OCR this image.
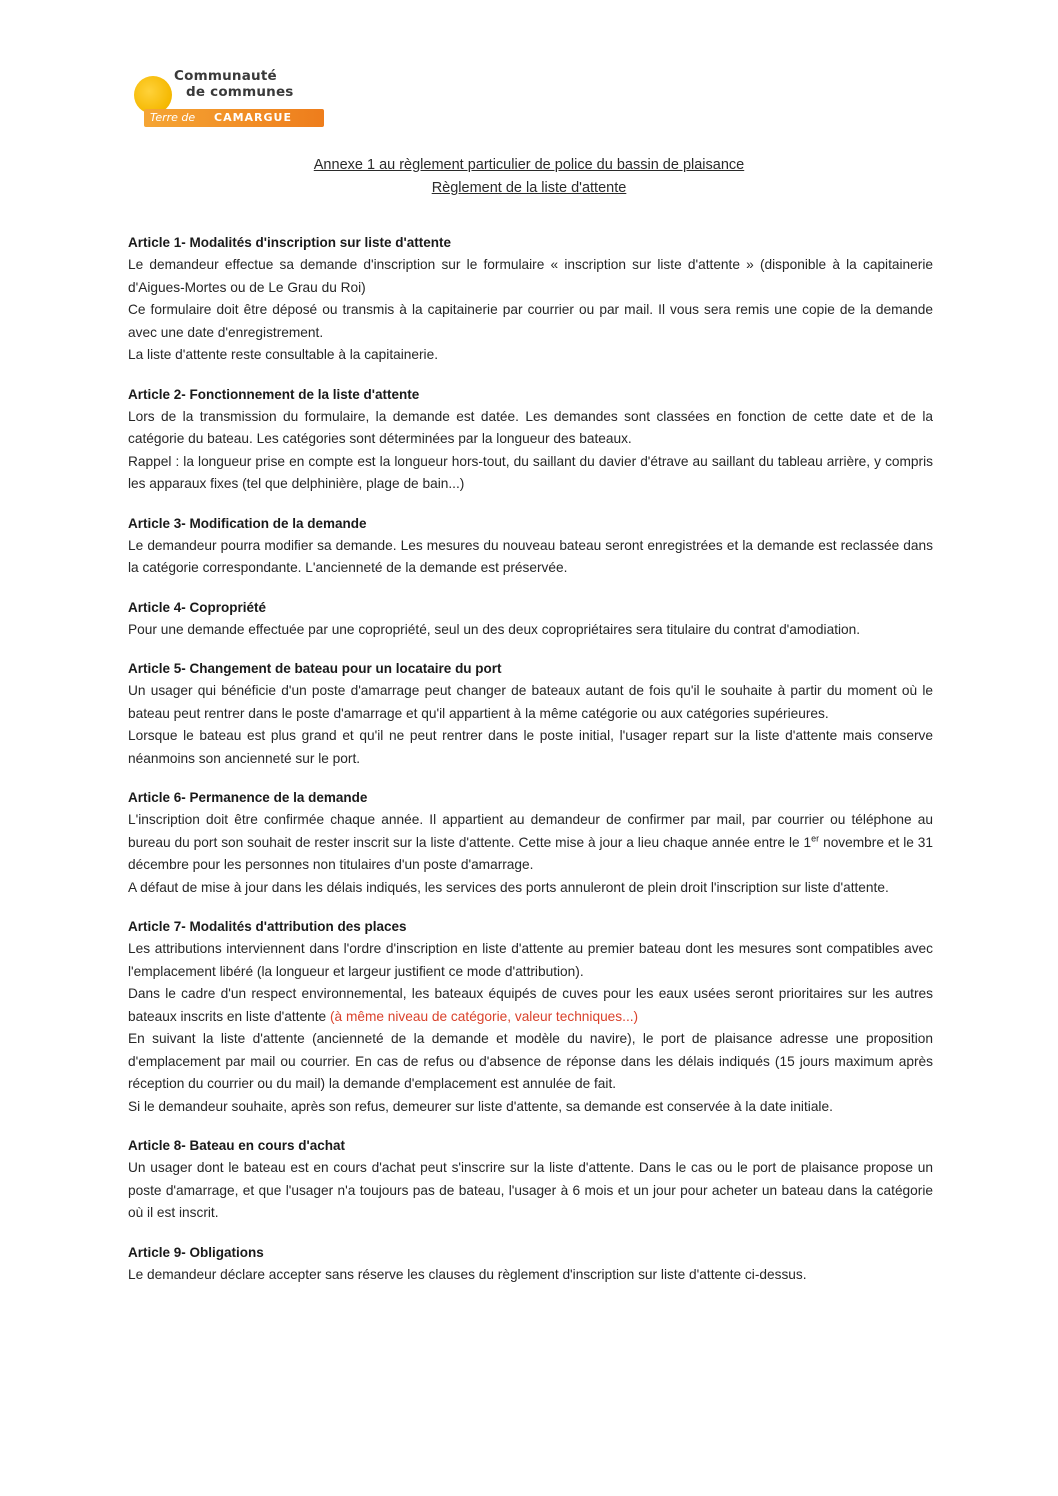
Communauté
de communes
Terre de CAMARGUE
Annexe 1 au règlement particulier de police du bassin de plaisance
Règlement de la liste d'attente
Article 1- Modalités d'inscription sur liste d'attente

Le demandeur effectue sa demande d'inscription sur le formulaire « inscription sur liste d'attente » (disponible à la capitainerie d'Aigues-Mortes ou de Le Grau du Roi)

Ce formulaire doit être déposé ou transmis à la capitainerie par courrier ou par mail. Il vous sera remis une copie de la demande avec une date d'enregistrement.

La liste d'attente reste consultable à la capitainerie.

Article 2- Fonctionnement de la liste d'attente

Lors de la transmission du formulaire, la demande est datée. Les demandes sont classées en fonction de cette date et de la catégorie du bateau. Les catégories sont déterminées par la longueur des bateaux.

Rappel : la longueur prise en compte est la longueur hors-tout, du saillant du davier d'étrave au saillant du tableau arrière, y compris les apparaux fixes (tel que delphinière, plage de bain...)

Article 3- Modification de la demande

Le demandeur pourra modifier sa demande. Les mesures du nouveau bateau seront enregistrées et la demande est reclassée dans la catégorie correspondante. L'ancienneté de la demande est préservée.

Article 4- Copropriété

Pour une demande effectuée par une copropriété, seul un des deux copropriétaires sera titulaire du contrat d'amodiation.

Article 5- Changement de bateau pour un locataire du port

Un usager qui bénéficie d'un poste d'amarrage peut changer de bateaux autant de fois qu'il le souhaite à partir du moment où le bateau peut rentrer dans le poste d'amarrage et qu'il appartient à la même catégorie ou aux catégories supérieures.

Lorsque le bateau est plus grand et qu'il ne peut rentrer dans le poste initial, l'usager repart sur la liste d'attente mais conserve néanmoins son ancienneté sur le port.

Article 6- Permanence de la demande

L'inscription doit être confirmée chaque année. Il appartient au demandeur de confirmer par mail, par courrier ou téléphone au bureau du port son souhait de rester inscrit sur la liste d'attente. Cette mise à jour a lieu chaque année entre le 1er novembre et le 31 décembre pour les personnes non titulaires d'un poste d'amarrage.

A défaut de mise à jour dans les délais indiqués, les services des ports annuleront de plein droit l'inscription sur liste d'attente.

Article 7- Modalités d'attribution des places

Les attributions interviennent dans l'ordre d'inscription en liste d'attente au premier bateau dont les mesures sont compatibles avec l'emplacement libéré (la longueur et largeur justifient ce mode d'attribution).

Dans le cadre d'un respect environnemental, les bateaux équipés de cuves pour les eaux usées seront prioritaires sur les autres bateaux inscrits en liste d'attente (à même niveau de catégorie, valeur techniques...)

En suivant la liste d'attente (ancienneté de la demande et modèle du navire), le port de plaisance adresse une proposition d'emplacement par mail ou courrier. En cas de refus ou d'absence de réponse dans les délais indiqués (15 jours maximum après réception du courrier ou du mail) la demande d'emplacement est annulée de fait.

Si le demandeur souhaite, après son refus, demeurer sur liste d'attente, sa demande est conservée à la date initiale.

Article 8- Bateau en cours d'achat

Un usager dont le bateau est en cours d'achat peut s'inscrire sur la liste d'attente. Dans le cas ou le port de plaisance propose un poste d'amarrage, et que l'usager n'a toujours pas de bateau, l'usager à 6 mois et un jour pour acheter un bateau dans la catégorie où il est inscrit.

Article 9- Obligations

Le demandeur déclare accepter sans réserve les clauses du règlement d'inscription sur liste d'attente ci-dessus.
